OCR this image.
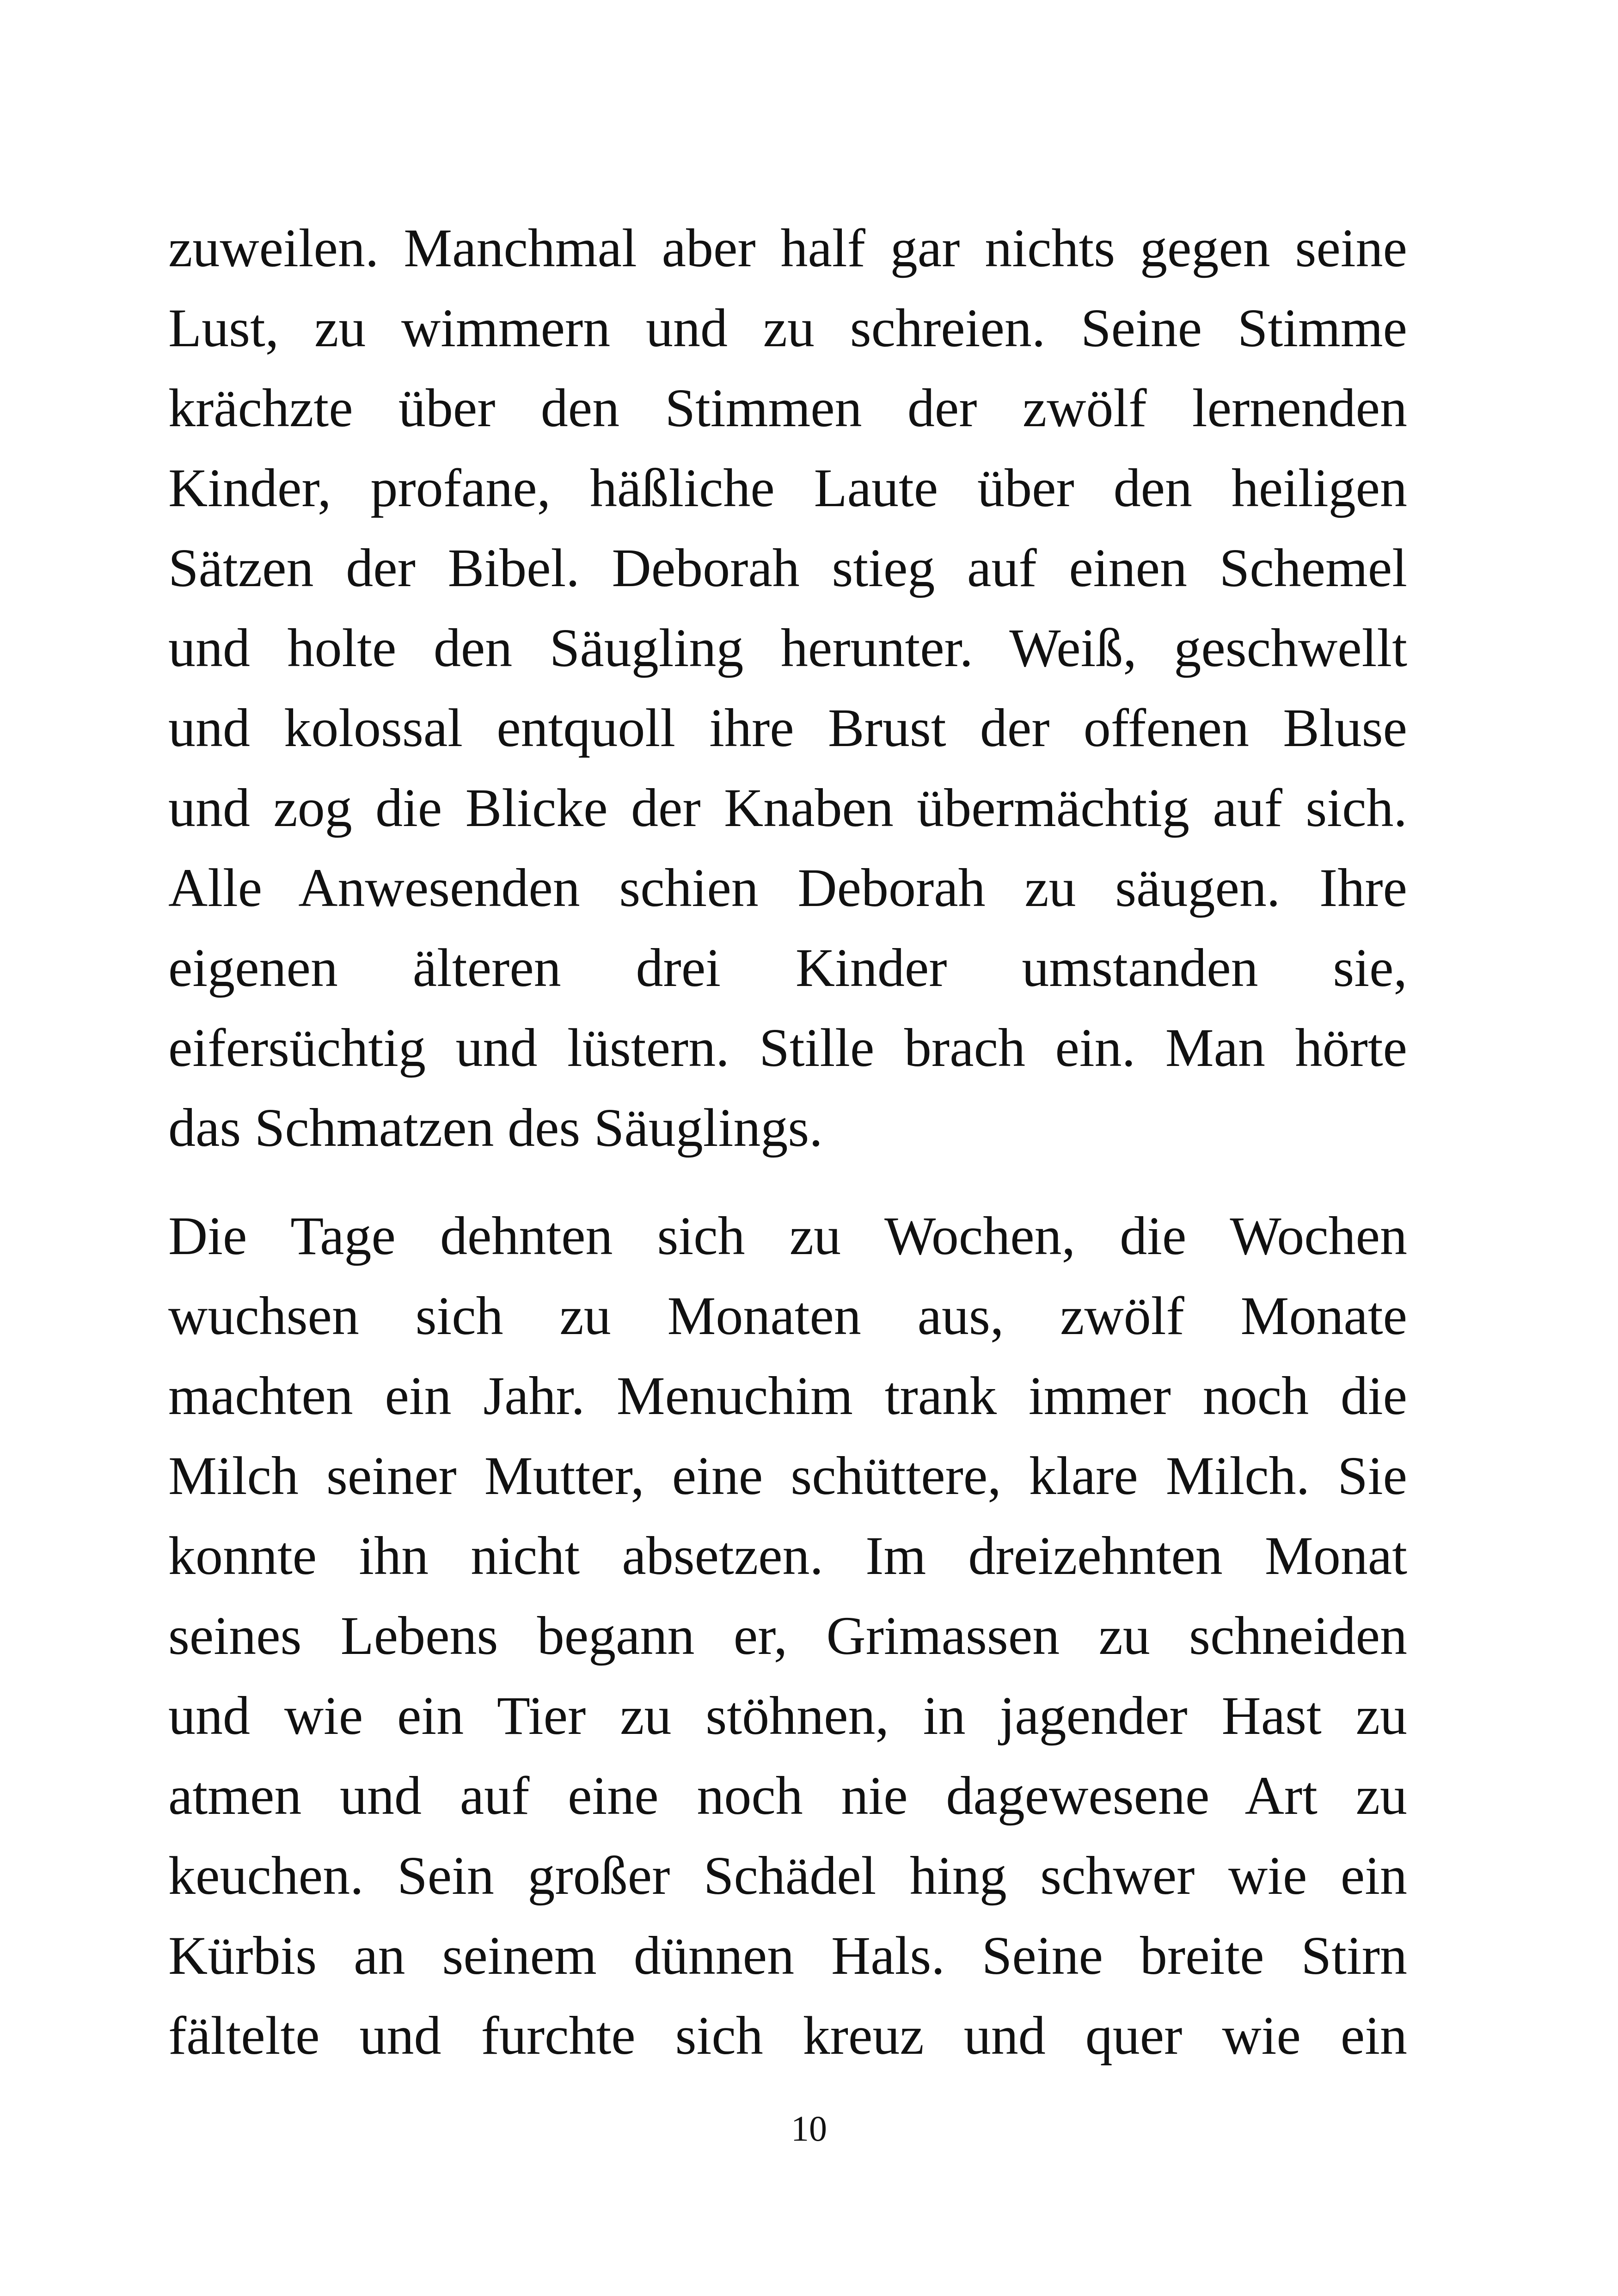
zuweilen. Manchmal aber half gar nichts gegen seine
Lust, zu wimmern und zu schreien. Seine Stimme
krächzte über den Stimmen der zwölf lernenden
Kinder, profane, häßliche Laute über den heiligen
Sätzen der Bibel. Deborah stieg auf einen Schemel
und holte den Säugling herunter. Weiß, geschwellt
und kolossal entquoll ihre Brust der offenen Bluse
und zog die Blicke der Knaben übermächtig auf sich.
Alle Anwesenden schien Deborah zu säugen. Ihre
eigenen älteren drei Kinder umstanden sie,
eifersüchtig und lüstern. Stille brach ein. Man hörte
das Schmatzen des Säuglings.
Die Tage dehnten sich zu Wochen, die Wochen
wuchsen sich zu Monaten aus, zwölf Monate
machten ein Jahr. Menuchim trank immer noch die
Milch seiner Mutter, eine schüttere, klare Milch. Sie
konnte ihn nicht absetzen. Im dreizehnten Monat
seines Lebens begann er, Grimassen zu schneiden
und wie ein Tier zu stöhnen, in jagender Hast zu
atmen und auf eine noch nie dagewesene Art zu
keuchen. Sein großer Schädel hing schwer wie ein
Kürbis an seinem dünnen Hals. Seine breite Stirn
fältelte und furchte sich kreuz und quer wie ein
10
